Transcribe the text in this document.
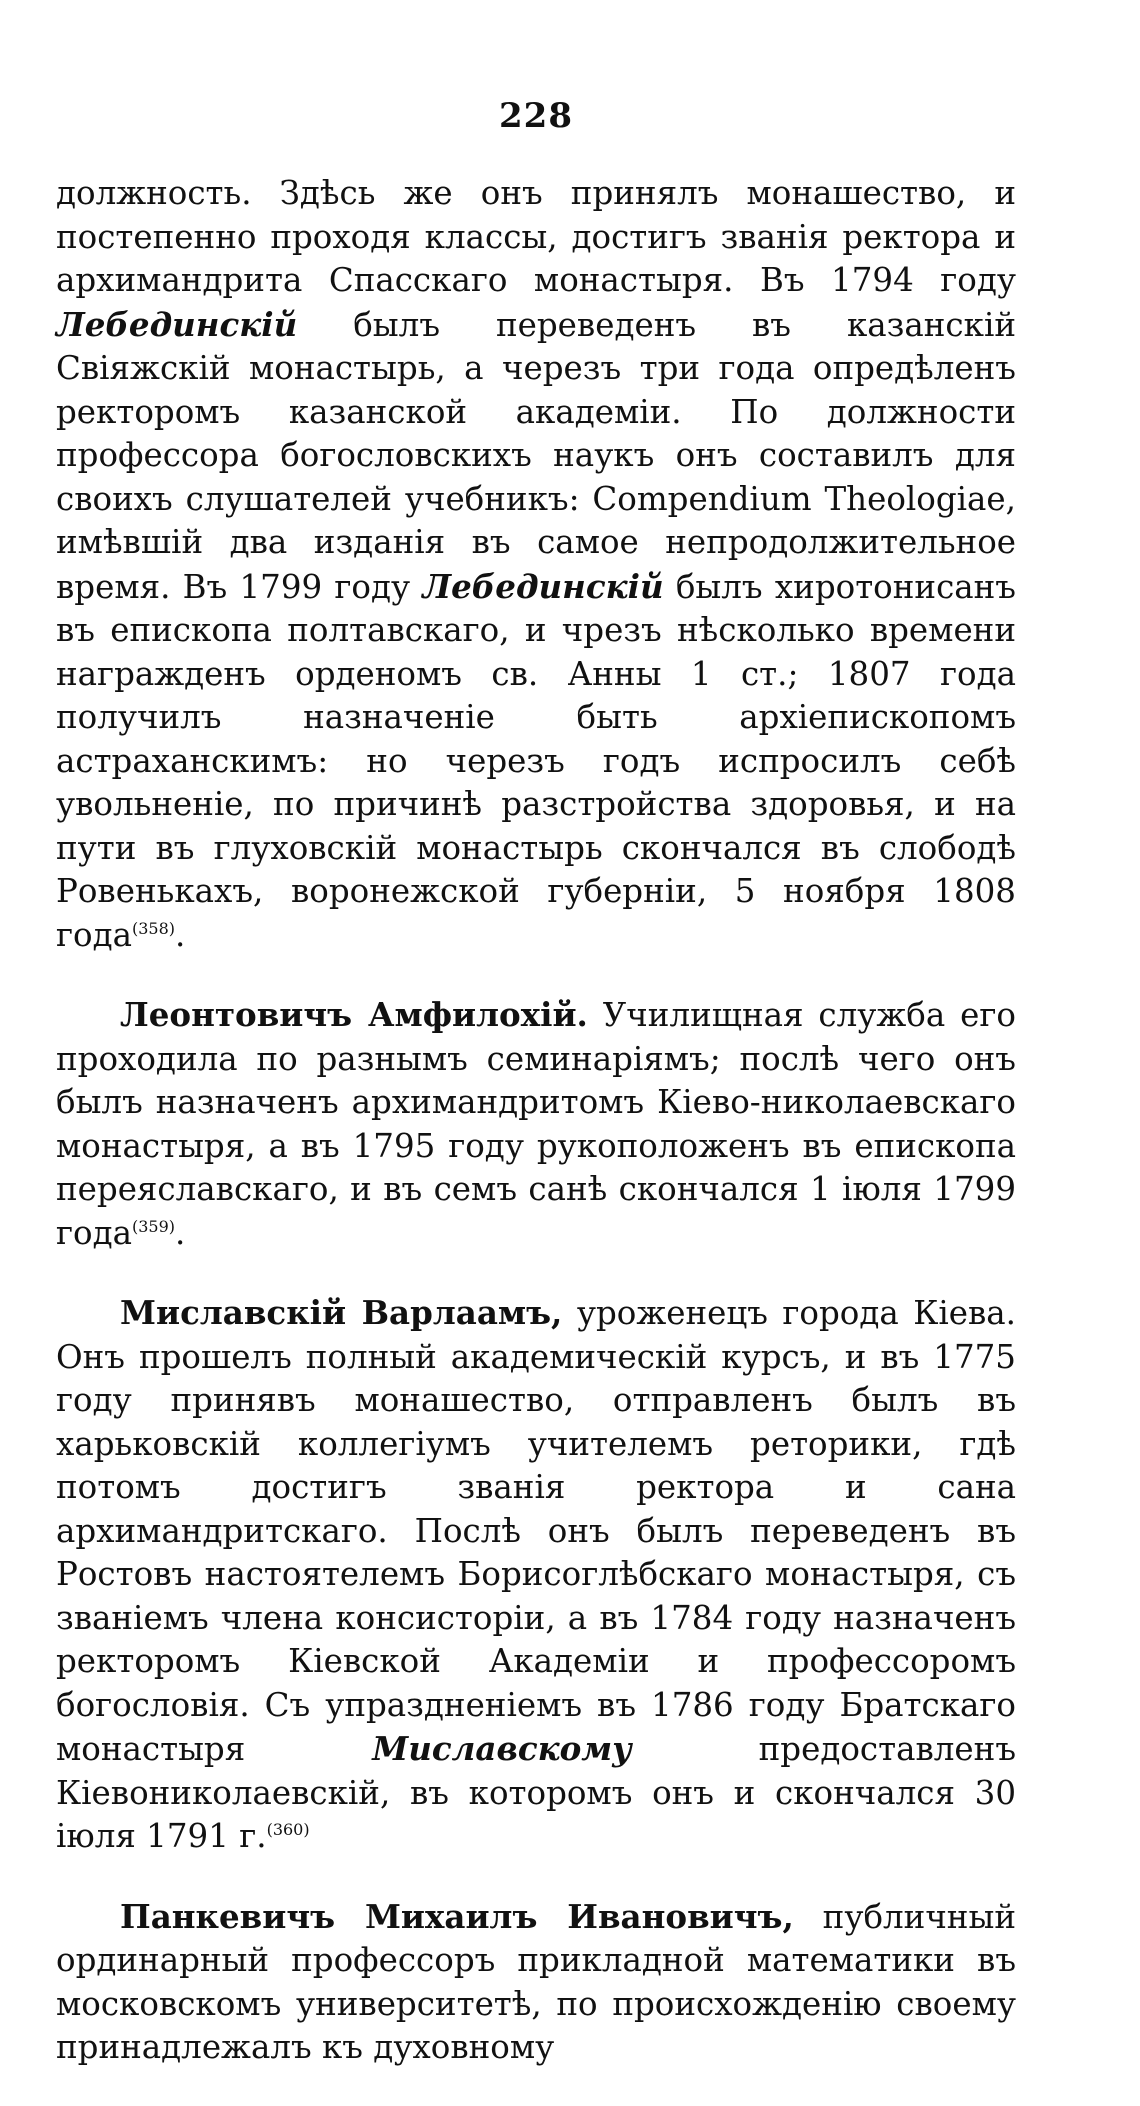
228

должность. Здѣсь же онъ принялъ монашество, и постепенно проходя классы, достигъ званія ректора и архимандрита Спасскаго монастыря. Въ 1794 году Лебединскій былъ переведенъ въ казанскій Свіяжскій монастырь, а черезъ три года опредѣленъ ректоромъ казанской академіи. По должности профессора богословскихъ наукъ онъ составилъ для своихъ слушателей учебникъ: Compendium Theologiae, имѣвшій два изданія въ самое непродолжительное время. Въ 1799 году Лебединскій былъ хиротонисанъ въ епископа полтавскаго, и чрезъ нѣсколько времени награжденъ орденомъ св. Анны 1 ст.; 1807 года получилъ назначеніе быть архіепископомъ астраханскимъ: но черезъ годъ испросилъ себѣ увольненіе, по причинѣ разстройства здоровья, и на пути въ глуховскій монастырь скончался въ слободѣ Ровенькахъ, воронежской губерніи, 5 ноября 1808 года$^{(358)}$.

Леонтовичъ Амфилохій. Училищная служба его проходила по разнымъ семинаріямъ; послѣ чего онъ былъ назначенъ архимандритомъ Кіево-николаевскаго монастыря, а въ 1795 году рукоположенъ въ епископа переяславскаго, и въ семъ санѣ скончался 1 іюля 1799 года$^{(359)}$.

Миславскій Варлаамъ, уроженецъ города Кіева. Онъ прошелъ полный академическій курсъ, и въ 1775 году принявъ монашество, отправленъ былъ въ харьковскій коллегіумъ учителемъ реторики, гдѣ потомъ достигъ званія ректора и сана архимандритскаго. Послѣ онъ былъ переведенъ въ Ростовъ настоятелемъ Борисоглѣбскаго монастыря, съ званіемъ члена консисторіи, а въ 1784 году назначенъ ректоромъ Кіевской Академіи и профессоромъ богословія. Съ упраздненіемъ въ 1786 году Братскаго монастыря Миславскому предоставленъ Кіевониколаевскій, въ которомъ онъ и скончался 30 іюля 1791 г.$^{(360)}$

Панкевичъ Михаилъ Ивановичъ, публичный ординарный профессоръ прикладной математики въ московскомъ университетѣ, по происхожденію своему принадлежалъ къ духовному
